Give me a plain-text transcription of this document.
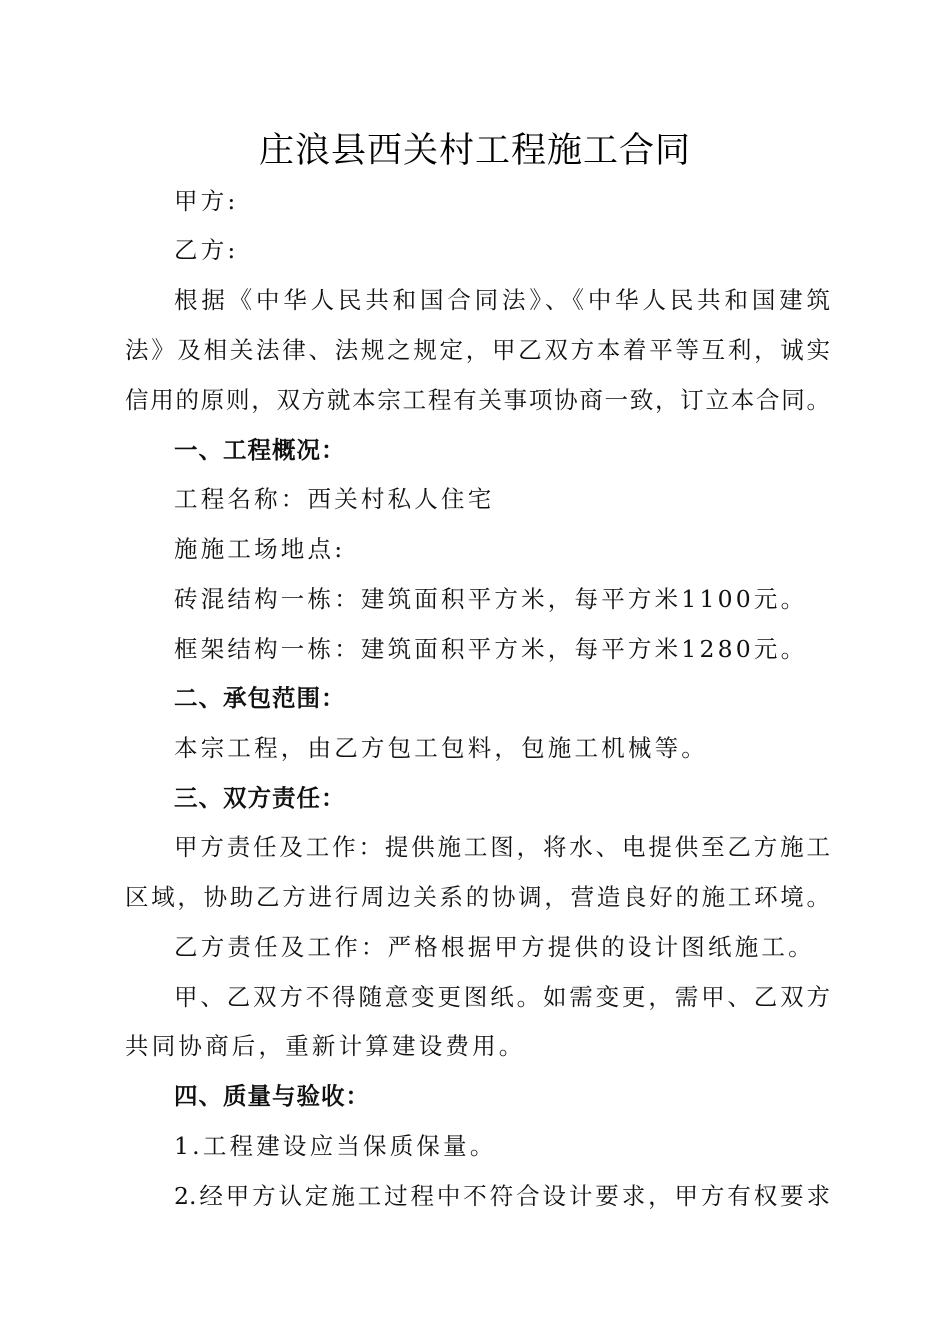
庄浪县西关村工程施工合同
甲方:
乙方:
根据《中华人民共和国合同法》、《中华人民共和国建筑
法》及相关法律、法规之规定，甲乙双方本着平等互利，诚实
信用的原则，双方就本宗工程有关事项协商一致，订立本合同。
一、工程概况：
工程名称：西关村私人住宅
施施工场地点:
砖混结构一栋：建筑面积平方米，每平方米1100元。
框架结构一栋：建筑面积平方米，每平方米1280元。
二、承包范围：
本宗工程，由乙方包工包料，包施工机械等。
三、双方责任：
甲方责任及工作：提供施工图，将水、电提供至乙方施工
区域，协助乙方进行周边关系的协调，营造良好的施工环境。
乙方责任及工作：严格根据甲方提供的设计图纸施工。
甲、乙双方不得随意变更图纸。如需变更，需甲、乙双方
共同协商后，重新计算建设费用。
四、质量与验收：
1.工程建设应当保质保量。
2.经甲方认定施工过程中不符合设计要求，甲方有权要求
